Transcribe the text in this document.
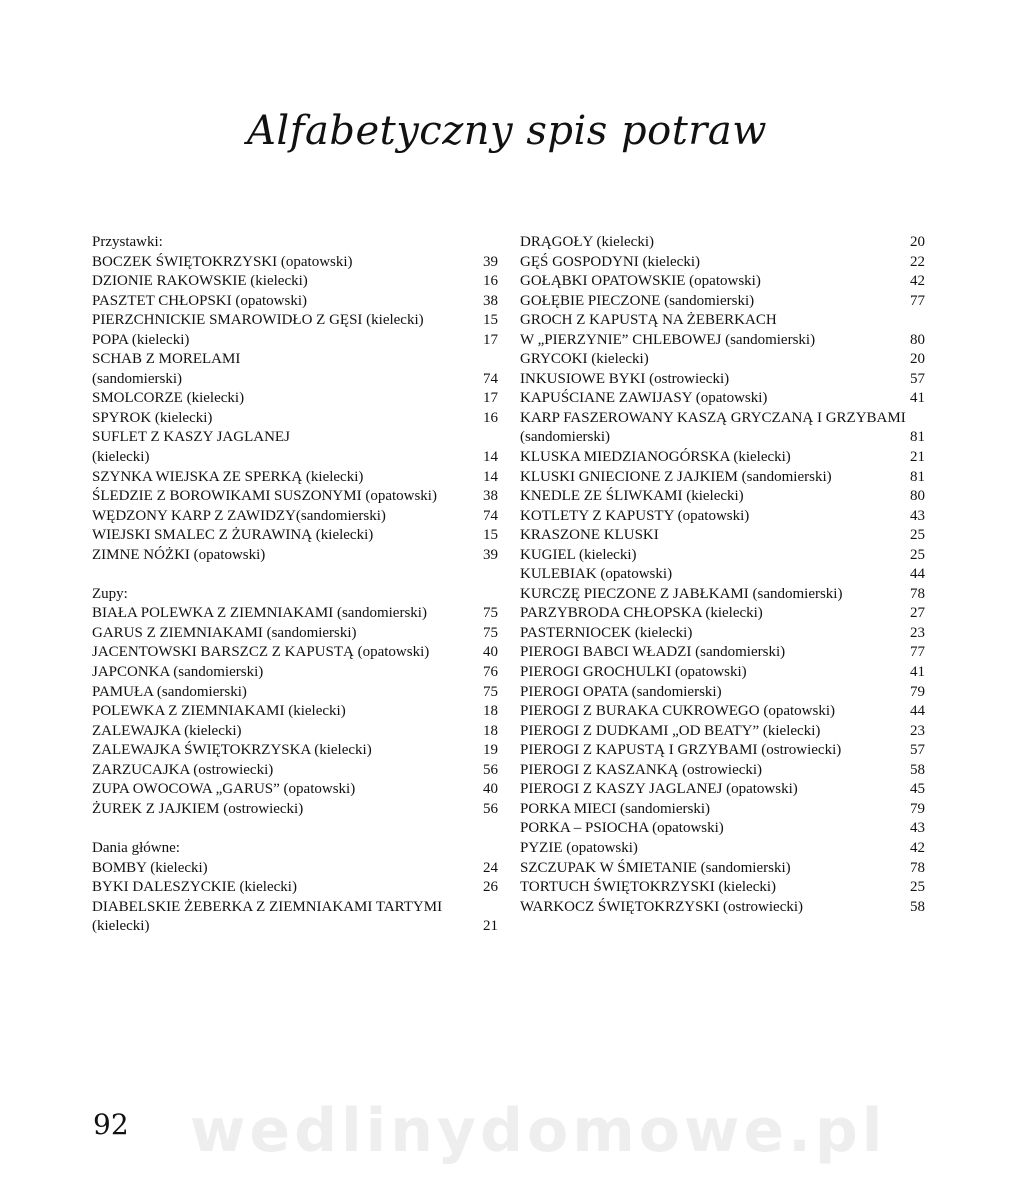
Alfabetyczny spis potraw
Przystawki:
BOCZEK ŚWIĘTOKRZYSKI (opatowski)	39
DZIONIE RAKOWSKIE (kielecki)	16
PASZTET CHŁOPSKI (opatowski)	38
PIERZCHNICKIE SMAROWIDŁO Z GĘSI (kielecki)	15
POPA (kielecki)	17
SCHAB Z MORELAMI
(sandomierski)	74
SMOLCORZE (kielecki)	17
SPYROK (kielecki)	16
SUFLET Z KASZY JAGLANEJ
(kielecki)	14
SZYNKA WIEJSKA ZE SPERKĄ (kielecki)	14
ŚLEDZIE Z BOROWIKAMI SUSZONYMI (opatowski)	38
WĘDZONY KARP Z ZAWIDZY(sandomierski)	74
WIEJSKI SMALEC Z ŻURAWINĄ (kielecki)	15
ZIMNE NÓŻKI (opatowski)	39
Zupy:
BIAŁA POLEWKA Z ZIEMNIAKAMI (sandomierski)	75
GARUS Z ZIEMNIAKAMI (sandomierski)	75
JACENTOWSKI BARSZCZ Z KAPUSTĄ (opatowski)	40
JAPCONKA (sandomierski)	76
PAMUŁA (sandomierski)	75
POLEWKA Z ZIEMNIAKAMI (kielecki)	18
ZALEWAJKA (kielecki)	18
ZALEWAJKA ŚWIĘTOKRZYSKA (kielecki)	19
ZARZUCAJKA (ostrowiecki)	56
ZUPA OWOCOWA „GARUS” (opatowski)	40
ŻUREK Z JAJKIEM (ostrowiecki)	56
Dania główne:
BOMBY (kielecki)	24
BYKI DALESZYCKIE (kielecki)	26
DIABELSKIE ŻEBERKA Z ZIEMNIAKAMI TARTYMI
(kielecki)	21
DRĄGOŁY (kielecki)	20
GĘŚ GOSPODYNI (kielecki)	22
GOŁĄBKI OPATOWSKIE (opatowski)	42
GOŁĘBIE PIECZONE (sandomierski)	77
GROCH Z KAPUSTĄ NA ŻEBERKACH
W „PIERZYNIE” CHLEBOWEJ (sandomierski)	80
GRYCOKI (kielecki)	20
INKUSIOWE BYKI (ostrowiecki)	57
KAPUŚCIANE ZAWIJASY (opatowski)	41
KARP FASZEROWANY KASZĄ GRYCZANĄ I GRZYBAMI
(sandomierski)	81
KLUSKA MIEDZIANOGÓRSKA (kielecki)	21
KLUSKI GNIECIONE Z JAJKIEM (sandomierski)	81
KNEDLE ZE ŚLIWKAMI (kielecki)	80
KOTLETY Z KAPUSTY (opatowski)	43
KRASZONE KLUSKI	25
KUGIEL (kielecki)	25
KULEBIAK (opatowski)	44
KURCZĘ PIECZONE Z JABŁKAMI (sandomierski)	78
PARZYBRODA CHŁOPSKA (kielecki)	27
PASTERNIOCEK (kielecki)	23
PIEROGI BABCI WŁADZI (sandomierski)	77
PIEROGI GROCHULKI (opatowski)	41
PIEROGI OPATA (sandomierski)	79
PIEROGI Z BURAKA CUKROWEGO (opatowski)	44
PIEROGI Z DUDKAMI „OD BEATY” (kielecki)	23
PIEROGI Z KAPUSTĄ I GRZYBAMI (ostrowiecki)	57
PIEROGI Z KASZANKĄ (ostrowiecki)	58
PIEROGI Z KASZY JAGLANEJ (opatowski)	45
PORKA MIECI (sandomierski)	79
PORKA – PSIOCHA (opatowski)	43
PYZIE (opatowski)	42
SZCZUPAK W ŚMIETANIE (sandomierski)	78
TORTUCH ŚWIĘTOKRZYSKI (kielecki)	25
WARKOCZ ŚWIĘTOKRZYSKI (ostrowiecki)	58
wedlinydomowe.pl
92
